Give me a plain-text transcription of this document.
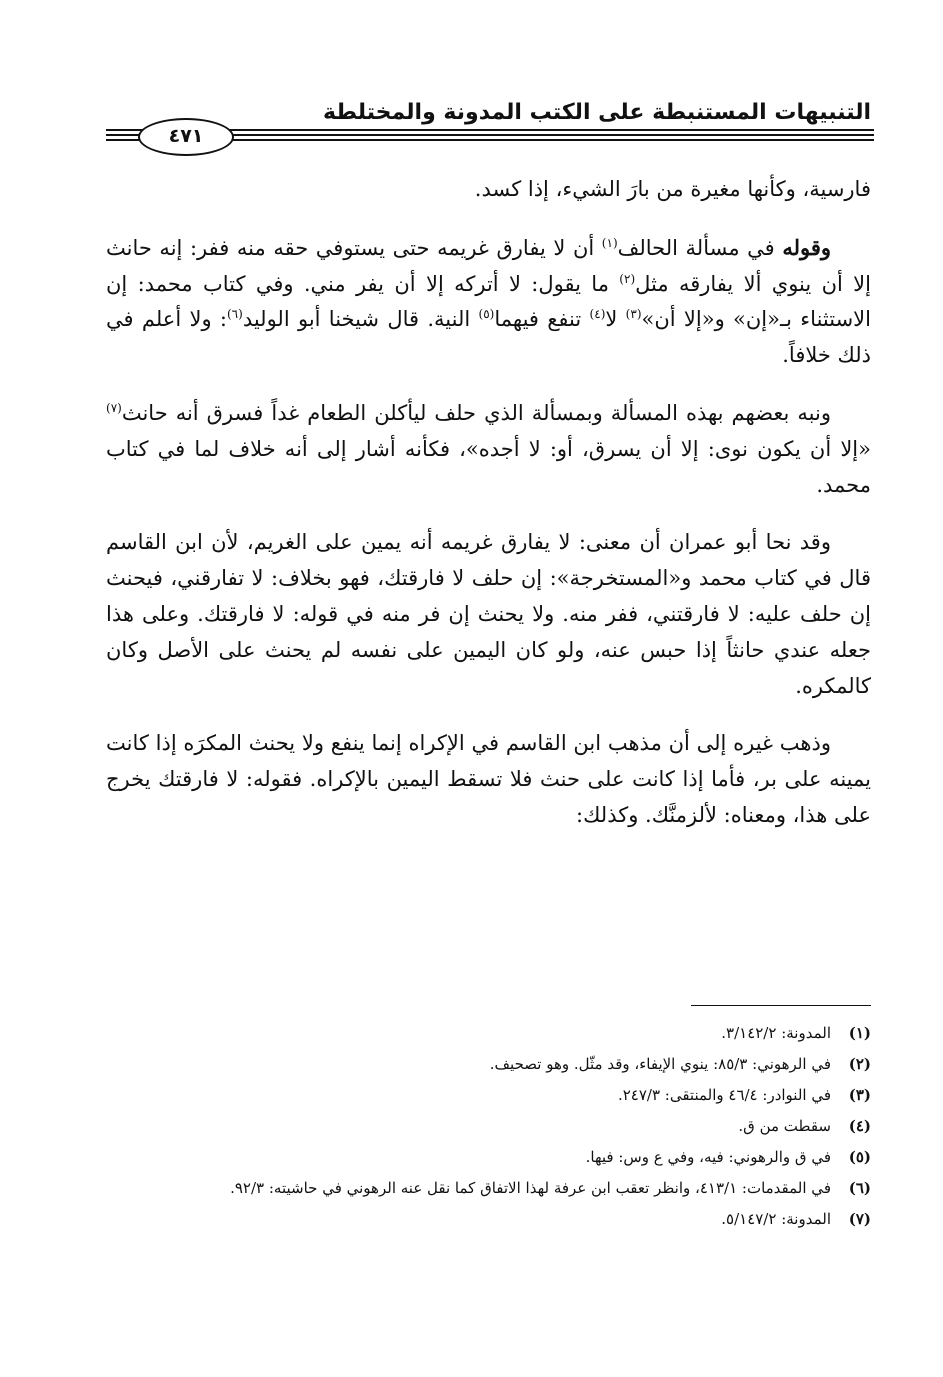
التنبيهات المستنبطة على الكتب المدونة والمختلطة
٤٧١

فارسية، وكأنها مغيرة من بارَ الشيء، إذا كسد.

وقوله في مسألة الحالف$^{(١)}$ أن لا يفارق غريمه حتى يستوفي حقه منه ففر: إنه حانث إلا أن ينوي ألا يفارقه مثل$^{(٢)}$ ما يقول: لا أتركه إلا أن يفر مني. وفي كتاب محمد: إن الاستثناء بـ«إن» و«إلا أن»$^{(٣)}$ لا$^{(٤)}$ تنفع فيهما$^{(٥)}$ النية. قال شيخنا أبو الوليد$^{(٦)}$: ولا أعلم في ذلك خلافاً.

ونبه بعضهم بهذه المسألة وبمسألة الذي حلف ليأكلن الطعام غداً فسرق أنه حانث$^{(٧)}$ «إلا أن يكون نوى: إلا أن يسرق، أو: لا أجده»، فكأنه أشار إلى أنه خلاف لما في كتاب محمد.

وقد نحا أبو عمران أن معنى: لا يفارق غريمه أنه يمين على الغريم، لأن ابن القاسم قال في كتاب محمد و«المستخرجة»: إن حلف لا فارقتك، فهو بخلاف: لا تفارقني، فيحنث إن حلف عليه: لا فارقتني، ففر منه. ولا يحنث إن فر منه في قوله: لا فارقتك. وعلى هذا جعله عندي حانثاً إذا حبس عنه، ولو كان اليمين على نفسه لم يحنث على الأصل وكان كالمكره.

وذهب غيره إلى أن مذهب ابن القاسم في الإكراه إنما ينفع ولا يحنث المكرَه إذا كانت يمينه على بر، فأما إذا كانت على حنث فلا تسقط اليمين بالإكراه. فقوله: لا فارقتك يخرج على هذا، ومعناه: لألزمنَّك. وكذلك:

(١)
المدونة: ٣/١٤٢/٢.
(٢)
في الرهوني: ٨٥/٣: ينوي الإيفاء، وقد مثّل. وهو تصحيف.
(٣)
في النوادر: ٤٦/٤ والمنتقى: ٢٤٧/٣.
(٤)
سقطت من ق.
(٥)
في ق والرهوني: فيه، وفي ع وس: فيها.
(٦)
في المقدمات: ٤١٣/١، وانظر تعقب ابن عرفة لهذا الاتفاق كما نقل عنه الرهوني في حاشيته: ٩٢/٣.
(٧)
المدونة: ٥/١٤٧/٢.
